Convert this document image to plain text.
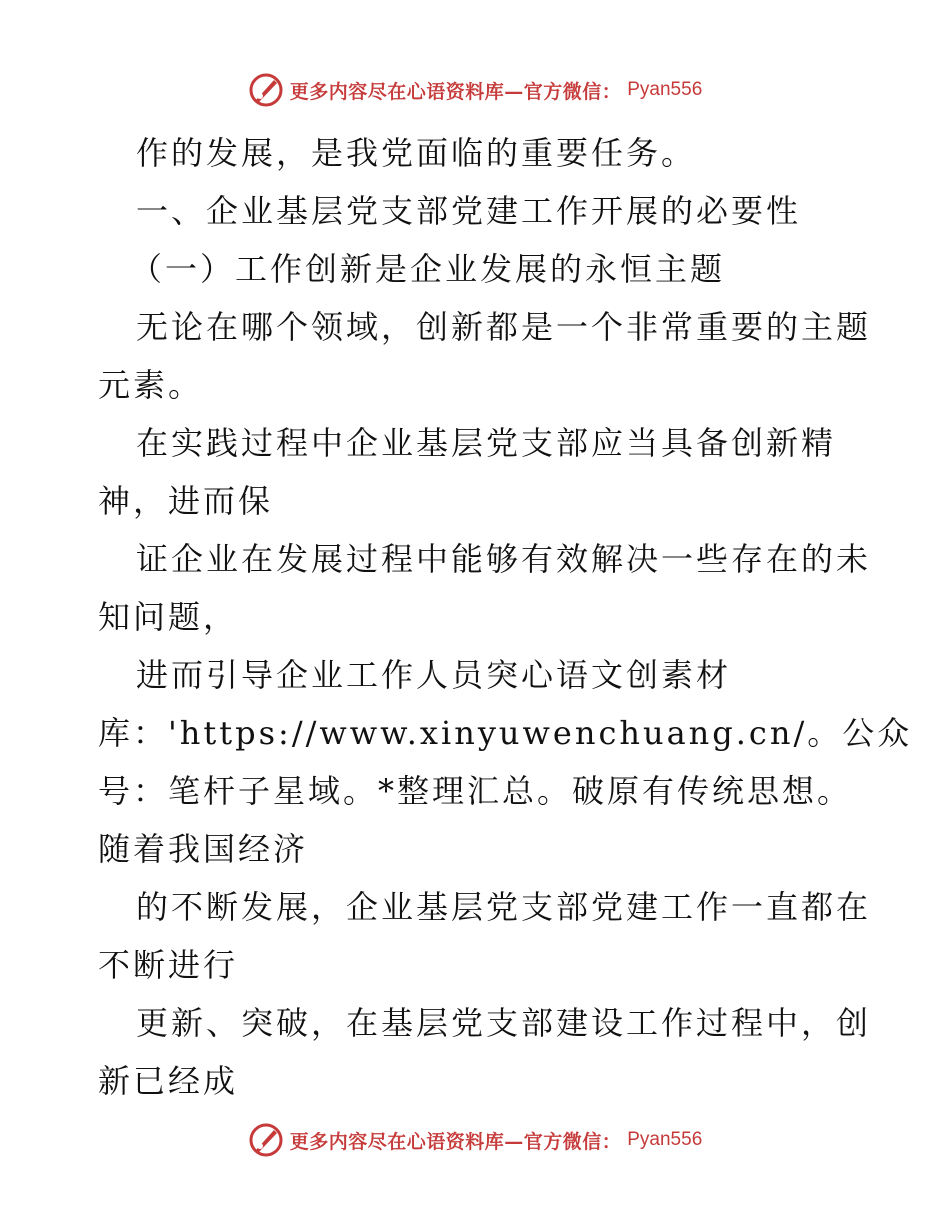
更多内容尽在心语资料库—官方微信： Pyan556
作的发展，是我党面临的重要任务。
一、企业基层党支部党建工作开展的必要性
（一）工作创新是企业发展的永恒主题
无论在哪个领域，创新都是一个非常重要的主题
元素。
在实践过程中企业基层党支部应当具备创新精
神，进而保
证企业在发展过程中能够有效解决一些存在的未
知问题，
进而引导企业工作人员突心语文创素材
库：'https://www.xinyuwenchuang.cn/。公众
号：笔杆子星域。*整理汇总。破原有传统思想。
随着我国经济
的不断发展，企业基层党支部党建工作一直都在
不断进行
更新、突破，在基层党支部建设工作过程中，创
新已经成
更多内容尽在心语资料库—官方微信： Pyan556
